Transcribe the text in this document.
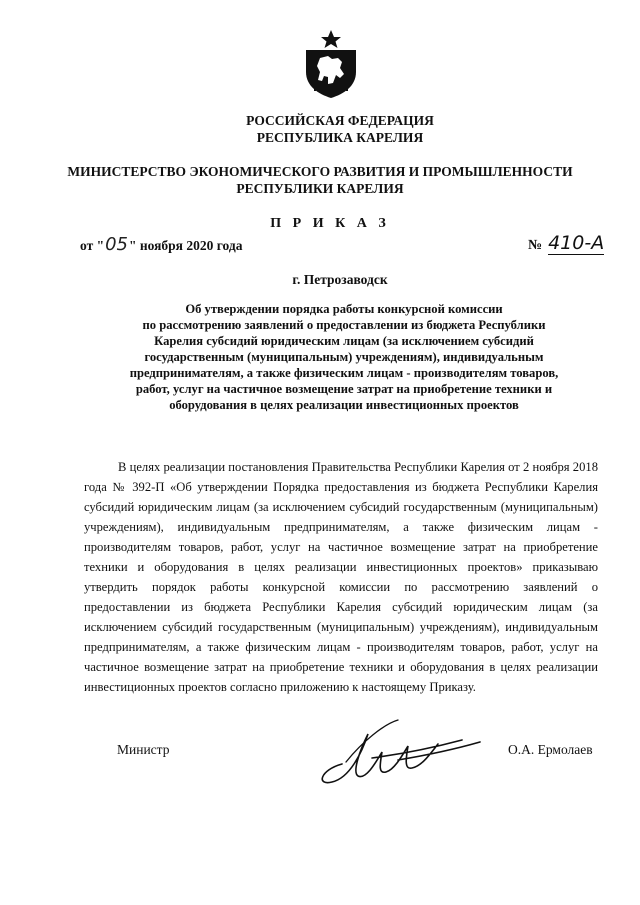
РОССИЙСКАЯ ФЕДЕРАЦИЯ
РЕСПУБЛИКА КАРЕЛИЯ
МИНИСТЕРСТВО ЭКОНОМИЧЕСКОГО РАЗВИТИЯ И ПРОМЫШЛЕННОСТИ
РЕСПУБЛИКИ КАРЕЛИЯ
П Р И К А З
от "05" ноября 2020 года	№ 410-А
г. Петрозаводск
Об утверждении порядка работы конкурсной комиссии
по рассмотрению заявлений о предоставлении из бюджета Республики
Карелия субсидий юридическим лицам (за исключением субсидий
государственным (муниципальным) учреждениям), индивидуальным
предпринимателям, а также физическим лицам - производителям товаров,
работ, услуг на частичное возмещение затрат на приобретение техники и
оборудования в целях реализации инвестиционных проектов
В целях реализации постановления Правительства Республики Карелия от 2 ноября 2018 года № 392-П «Об утверждении Порядка предоставления из бюджета Республики Карелия субсидий юридическим лицам (за исключением субсидий государственным (муниципальным) учреждениям), индивидуальным предпринимателям, а также физическим лицам - производителям товаров, работ, услуг на частичное возмещение затрат на приобретение техники и оборудования в целях реализации инвестиционных проектов» приказываю утвердить порядок работы конкурсной комиссии по рассмотрению заявлений о предоставлении из бюджета Республики Карелия субсидий юридическим лицам (за исключением субсидий государственным (муниципальным) учреждениям), индивидуальным предпринимателям, а также физическим лицам - производителям товаров, работ, услуг на частичное возмещение затрат на приобретение техники и оборудования в целях реализации инвестиционных проектов согласно приложению к настоящему Приказу.
Министр	О.А. Ермолаев
